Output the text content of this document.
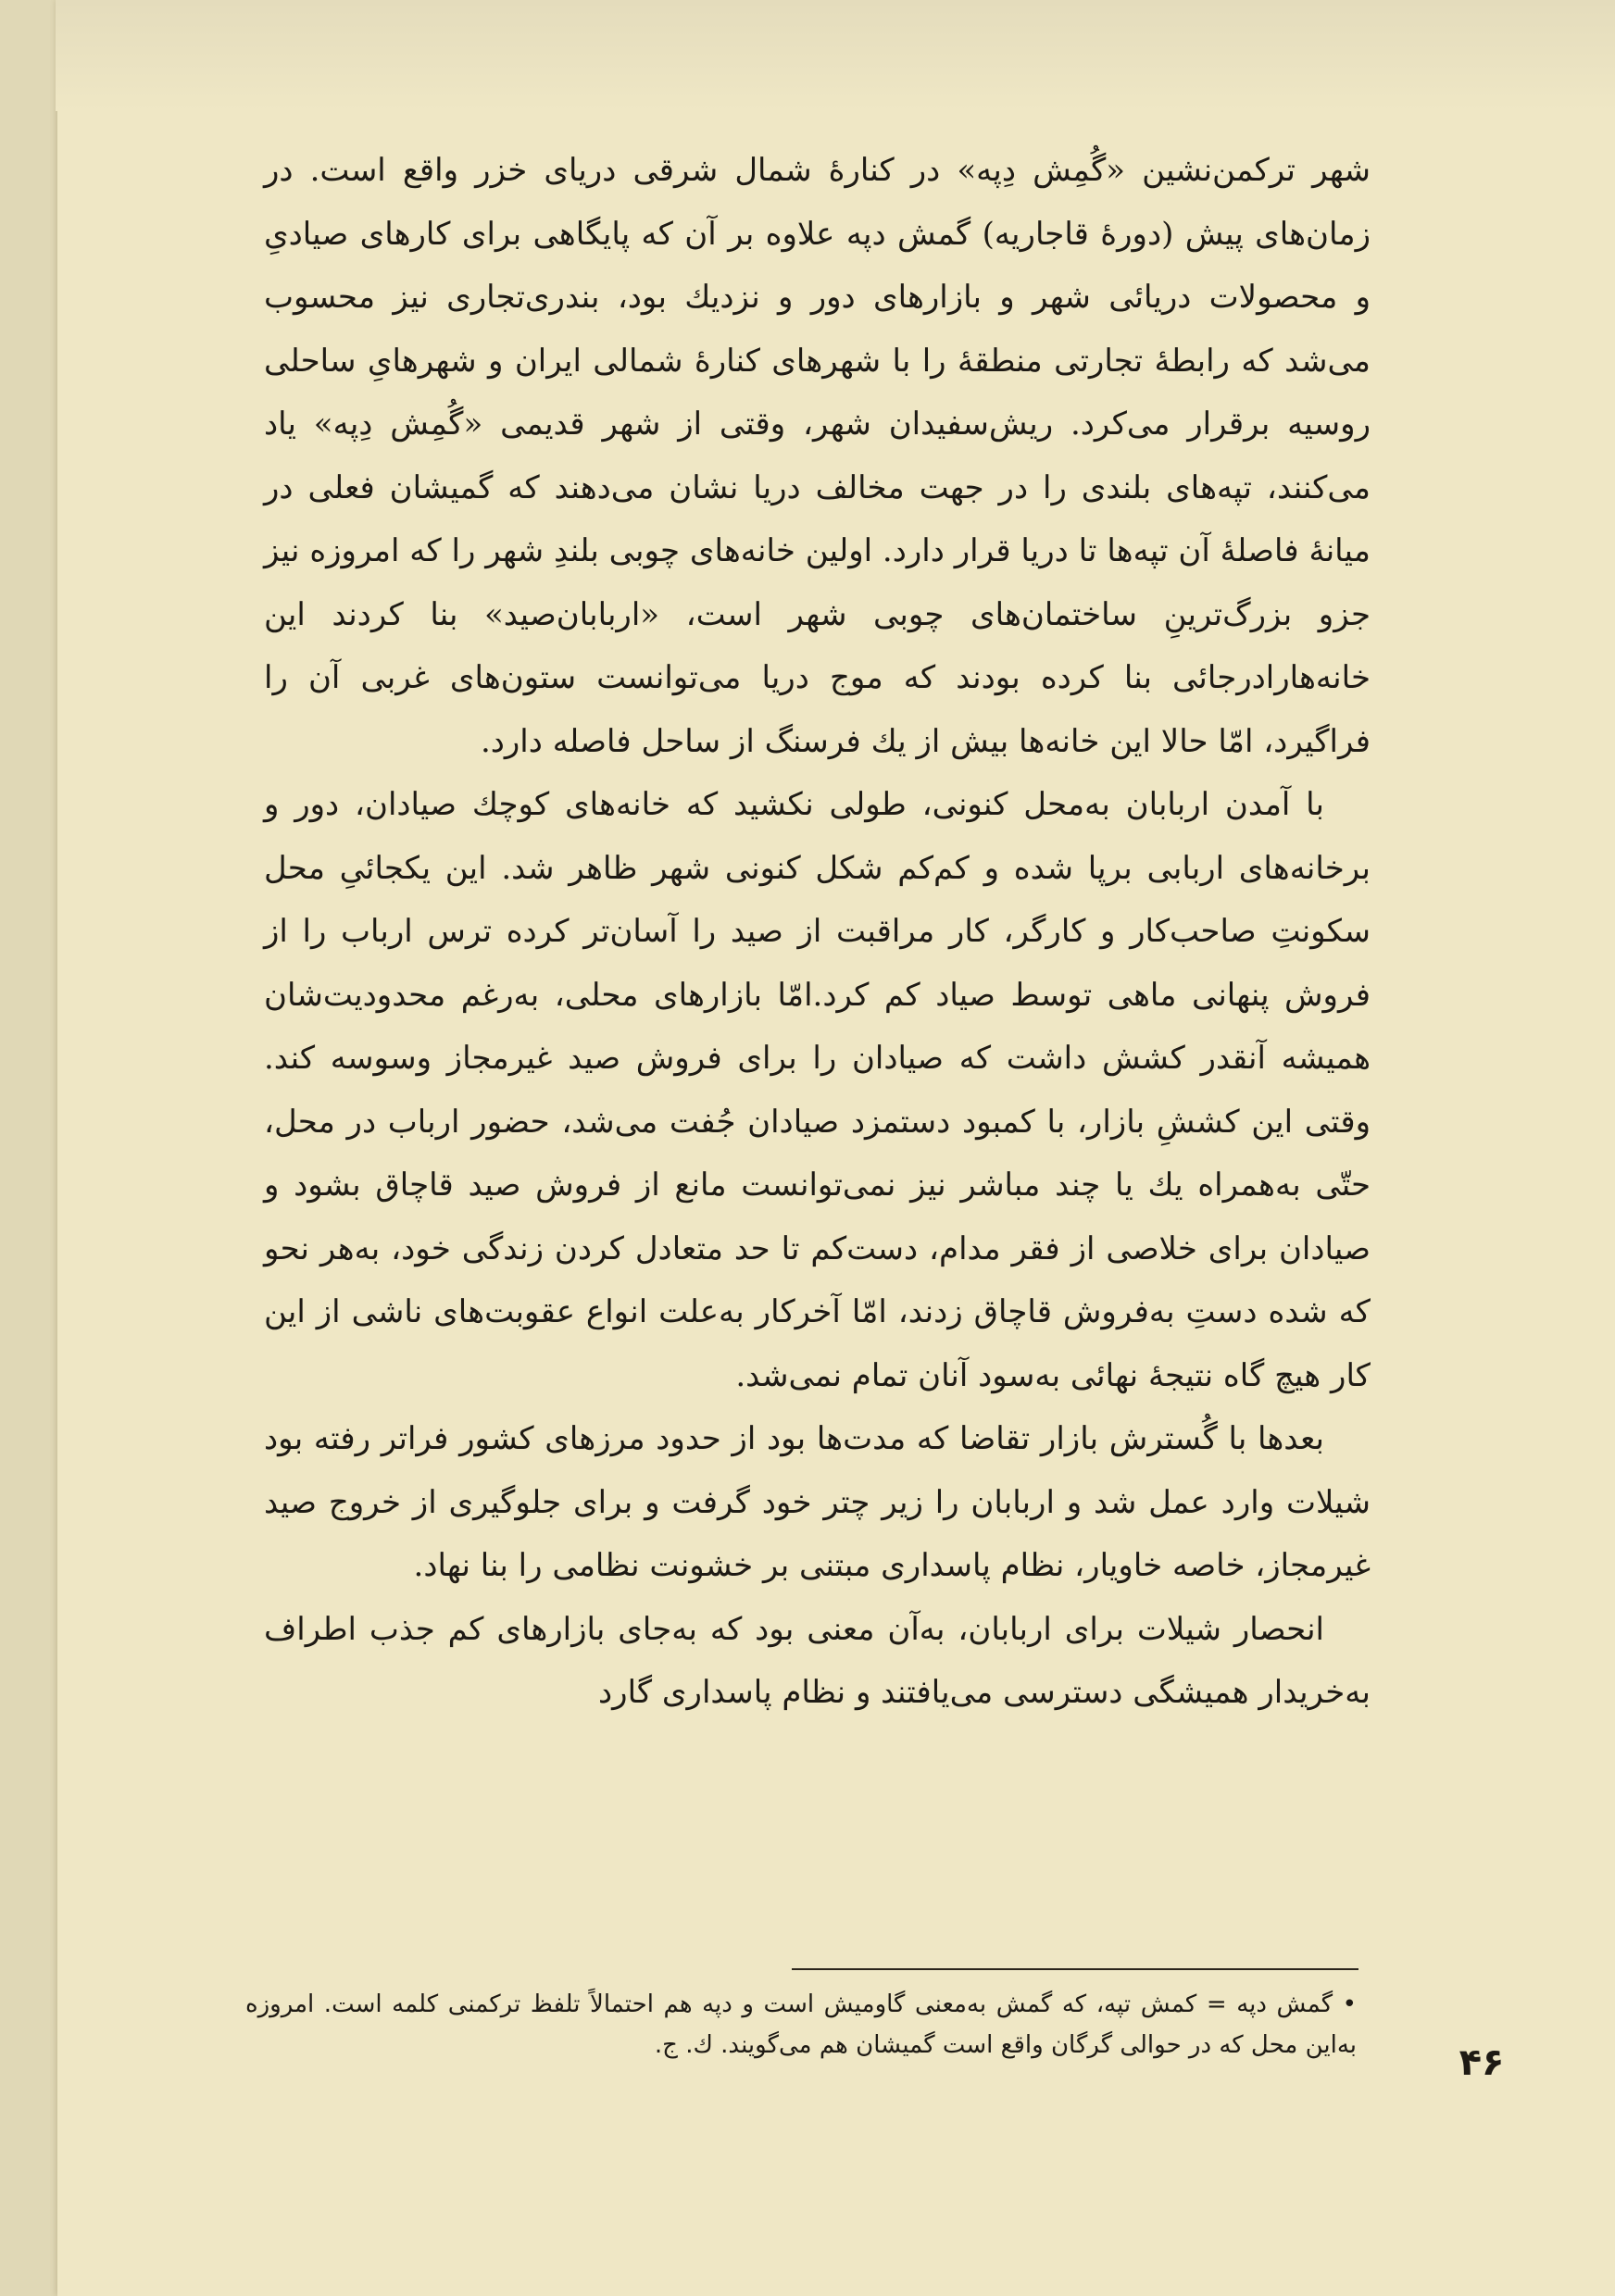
شهر ترکمن‌نشین «گُمِش دِپه» در کنارهٔ شمال شرقی دریای خزر واقع است. در زمان‌های پیش (دورهٔ قاجاریه) گمش دپه علاوه بر آن که پایگاهی برای کارهای صیادیِ و محصولات دریائی شهر و بازارهای دور و نزدیك بود، بندری‌تجاری نیز محسوب می‌شد که رابطهٔ تجارتی منطقهٔ را با شهرهای کنارهٔ شمالی ایران و شهرهایِ ساحلی روسیه برقرار می‌کرد. ریش‌سفیدان شهر، وقتی از شهر قدیمی «گُمِش دِپه» یاد می‌کنند، تپه‌های بلندی را در جهت مخالف دریا نشان می‌دهند که گمیشان فعلی در میانهٔ فاصلهٔ آن تپه‌ها تا دریا قرار دارد. اولین خانه‌های چوبی بلندِ شهر را که امروزه نیز جزو بزرگ‌ترینِ ساختمان‌های چوبی شهر است، «اربابان‌صید» بنا کردند این خانه‌هارادرجائی بنا کرده بودند که موج دریا می‌توانست ستون‌های غربی آن را فراگیرد، امّا حالا این خانه‌ها بیش از یك فرسنگ از ساحل فاصله دارد.

با آمدن اربابان به‌محل کنونی، طولی نکشید که خانه‌های کوچك صیادان، دور و برخانه‌های اربابی برپا شده و کم‌کم شکل کنونی شهر ظاهر شد. این یکجائیِ محل سکونتِ صاحب‌کار و کارگر، کار مراقبت از صید را آسان‌تر کرده ترس ارباب را از فروش پنهانی ماهی توسط صیاد کم کرد.امّا بازارهای محلی، به‌رغم محدودیت‌شان همیشه آنقدر کشش داشت که صیادان را برای فروش صید غیرمجاز وسوسه کند. وقتی این کششِ بازار، با کمبود دستمزد صیادان جُفت می‌شد، حضور ارباب در محل، حتّی به‌همراه یك یا چند مباشر نیز نمی‌توانست مانع از فروش صید قاچاق بشود و صیادان برای خلاصی از فقر مدام، دست‌کم تا حد متعادل کردن زندگی خود، به‌هر نحو که شده دستِ به‌فروش قاچاق زدند، امّا آخرکار به‌علت انواع عقوبت‌های ناشی از این کار هیچ گاه نتیجهٔ نهائی به‌سود آنان تمام نمی‌شد.

بعدها با گُسترش بازار تقاضا که مدت‌ها بود از حدود مرزهای کشور فراتر رفته بود شیلات وارد عمل شد و اربابان را زیر چتر خود گرفت و برای جلوگیری از خروج صید غیرمجاز، خاصه خاویار، نظام پاسداری مبتنی بر خشونت نظامی را بنا نهاد.

انحصار شیلات برای اربابان، به‌آن معنی بود که به‌جای بازارهای کم جذب اطراف به‌خریدار همیشگی دسترسی می‌یافتند و نظام پاسداری گارد

• گمش دپه = کمش تپه، که گمش به‌معنی گاومیش است و دپه هم احتمالاً تلفظ ترکمنی کلمه است. امروزه به‌این محل که در حوالی گرگان واقع است گمیشان هم می‌گویند. ك. ج.	۴۶
